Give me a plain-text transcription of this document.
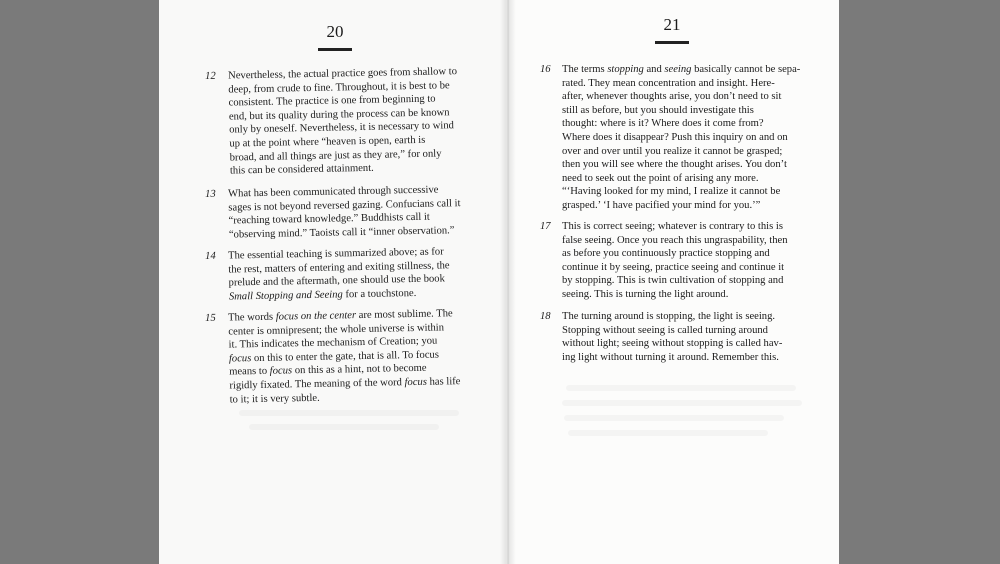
20
12 Nevertheless, the actual practice goes from shallow to
deep, from crude to fine. Throughout, it is best to be
consistent. The practice is one from beginning to
end, but its quality during the process can be known
only by oneself. Nevertheless, it is necessary to wind
up at the point where “heaven is open, earth is
broad, and all things are just as they are,” for only
this can be considered attainment.
13 What has been communicated through successive
sages is not beyond reversed gazing. Confucians call it
“reaching toward knowledge.” Buddhists call it
“observing mind.” Taoists call it “inner observation.”
14 The essential teaching is summarized above; as for
the rest, matters of entering and exiting stillness, the
prelude and the aftermath, one should use the book
Small Stopping and Seeing for a touchstone.
15 The words focus on the center are most sublime. The
center is omnipresent; the whole universe is within
it. This indicates the mechanism of Creation; you
focus on this to enter the gate, that is all. To focus
means to focus on this as a hint, not to become
rigidly fixated. The meaning of the word focus has life
to it; it is very subtle.
21
16 The terms stopping and seeing basically cannot be sepa-
rated. They mean concentration and insight. Here-
after, whenever thoughts arise, you don’t need to sit
still as before, but you should investigate this
thought: where is it? Where does it come from?
Where does it disappear? Push this inquiry on and on
over and over until you realize it cannot be grasped;
then you will see where the thought arises. You don’t
need to seek out the point of arising any more.
“‘Having looked for my mind, I realize it cannot be
grasped.’ ‘I have pacified your mind for you.’”
17 This is correct seeing; whatever is contrary to this is
false seeing. Once you reach this ungraspability, then
as before you continuously practice stopping and
continue it by seeing, practice seeing and continue it
by stopping. This is twin cultivation of stopping and
seeing. This is turning the light around.
18 The turning around is stopping, the light is seeing.
Stopping without seeing is called turning around
without light; seeing without stopping is called hav-
ing light without turning it around. Remember this.
